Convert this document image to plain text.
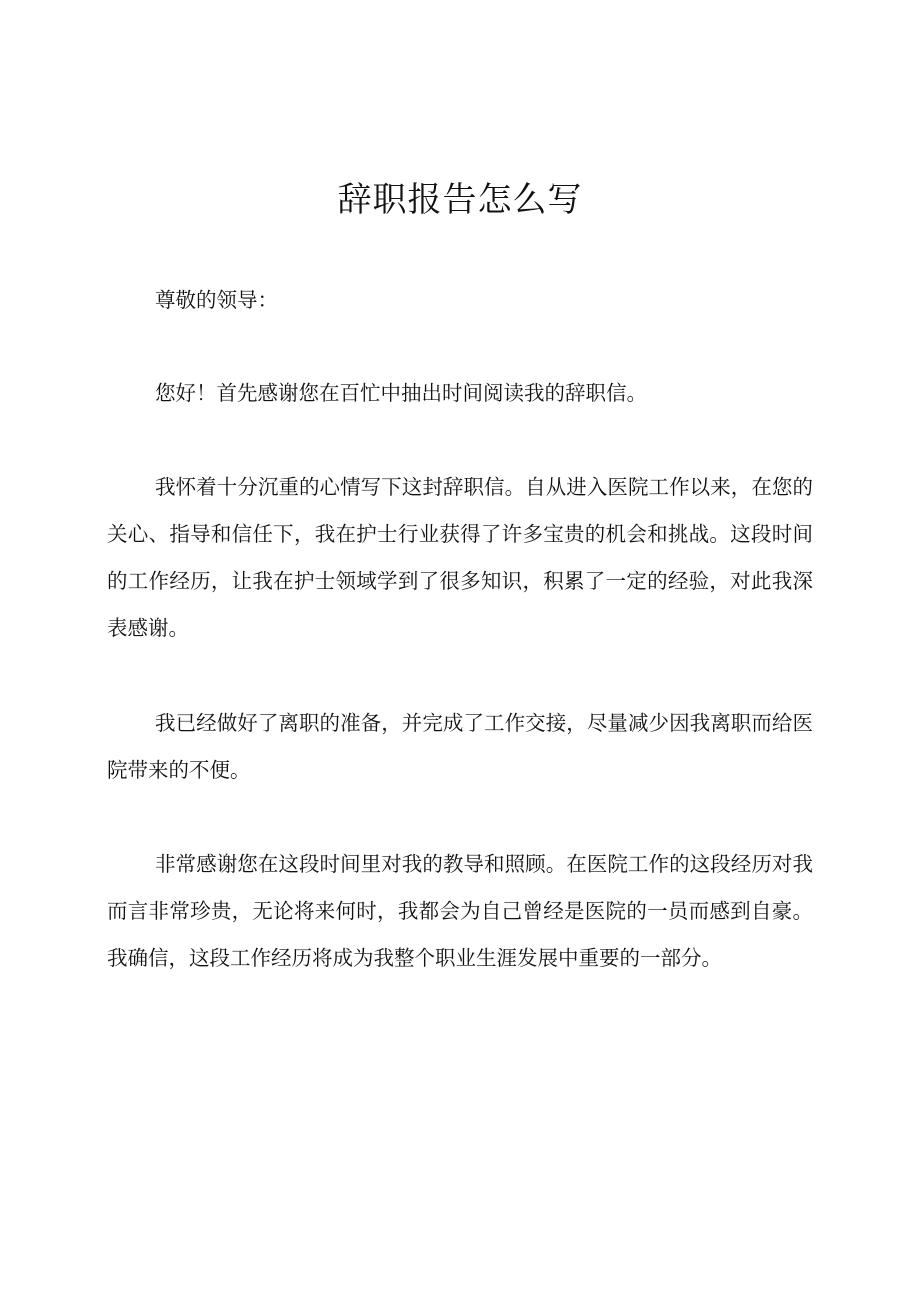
辞职报告怎么写

尊敬的领导：

您好！首先感谢您在百忙中抽出时间阅读我的辞职信。

我怀着十分沉重的心情写下这封辞职信。自从进入医院工作以来，在您的关心、指导和信任下，我在护士行业获得了许多宝贵的机会和挑战。这段时间的工作经历，让我在护士领域学到了很多知识，积累了一定的经验，对此我深表感谢。

我已经做好了离职的准备，并完成了工作交接，尽量减少因我离职而给医院带来的不便。

非常感谢您在这段时间里对我的教导和照顾。在医院工作的这段经历对我而言非常珍贵，无论将来何时，我都会为自己曾经是医院的一员而感到自豪。我确信，这段工作经历将成为我整个职业生涯发展中重要的一部分。
